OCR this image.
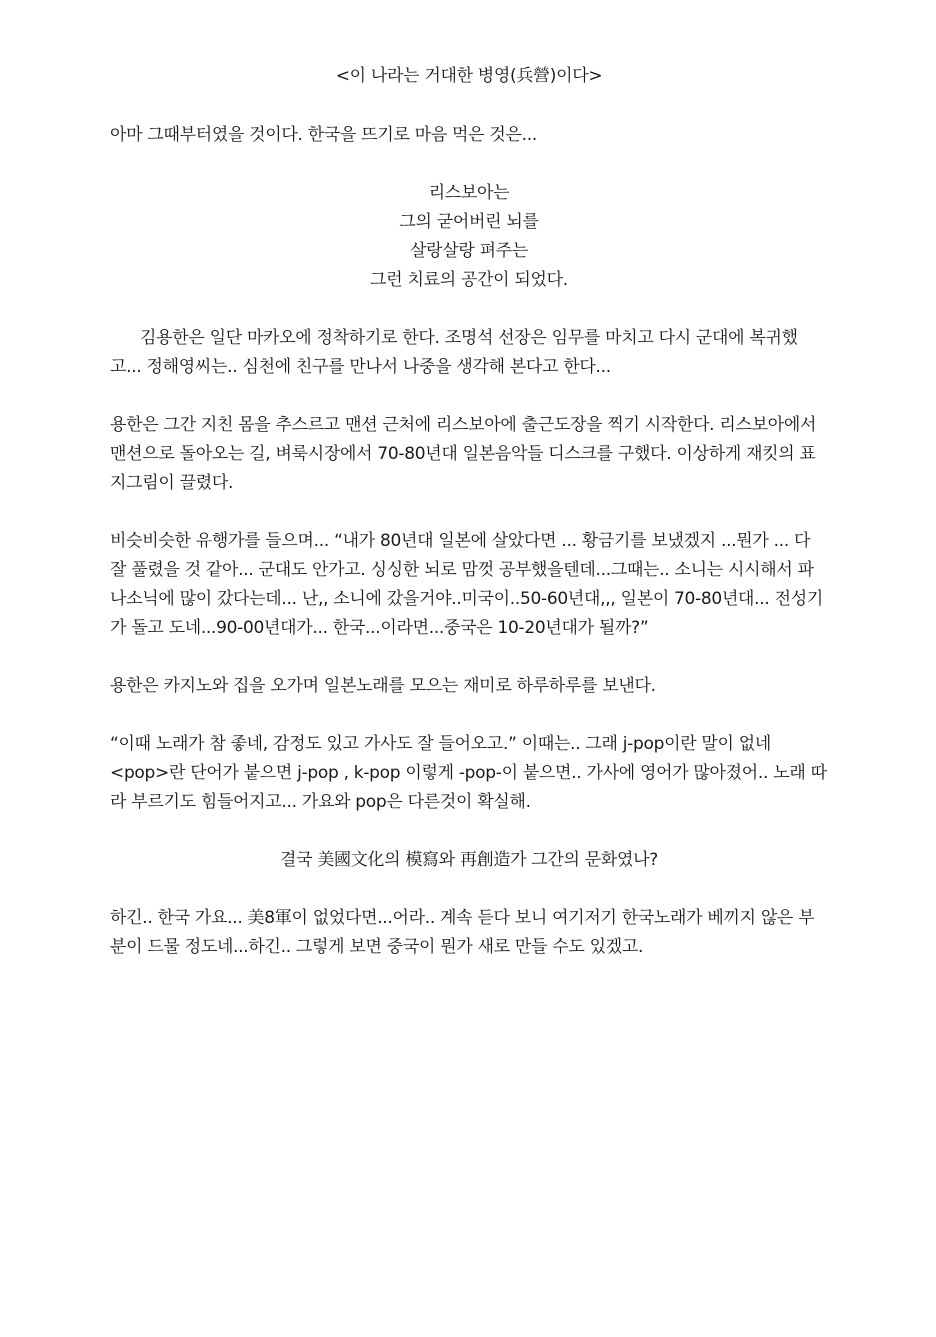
<이 나라는 거대한 병영(兵營)이다>
아마 그때부터였을 것이다. 한국을 뜨기로 마음 먹은 것은...
리스보아는
그의 굳어버린 뇌를
살랑살랑 펴주는
그런 치료의 공간이 되었다.
김용한은 일단 마카오에 정착하기로 한다. 조명석 선장은 임무를 마치고 다시 군대에 복귀했고... 정해영씨는.. 심천에 친구를 만나서 나중을 생각해 본다고 한다...
용한은 그간 지친 몸을 추스르고 맨션 근처에 리스보아에 출근도장을 찍기 시작한다. 리스보아에서 맨션으로 돌아오는 길, 벼룩시장에서 70-80년대 일본음악들 디스크를 구했다. 이상하게 재킷의 표지그림이 끌렸다.
비슷비슷한 유행가를 들으며... “내가 80년대 일본에 살았다면 ... 황금기를 보냈겠지 ...뭔가 ... 다 잘 풀렸을 것 같아... 군대도 안가고. 싱싱한 뇌로 맘껏 공부했을텐데...그때는.. 소니는 시시해서 파나소닉에 많이 갔다는데... 난,, 소니에 갔을거야..미국이..50-60년대,,, 일본이 70-80년대... 전성기가 돌고 도네...90-00년대가... 한국...이라면...중국은 10-20년대가 될까?”
용한은 카지노와 집을 오가며 일본노래를 모으는 재미로 하루하루를 보낸다.
“이때 노래가 참 좋네, 감정도 있고 가사도 잘 들어오고.” 이때는.. 그래 j-pop이란 말이 없네 <pop>란 단어가 붙으면 j-pop , k-pop 이렇게 -pop-이 붙으면.. 가사에 영어가 많아졌어.. 노래 따라 부르기도 힘들어지고... 가요와 pop은 다른것이 확실해.
결국 美國文化의 模寫와 再創造가 그간의 문화였나?
하긴.. 한국 가요... 美8軍이 없었다면...어라.. 계속 듣다 보니 여기저기 한국노래가 베끼지 않은 부분이 드물 정도네...하긴.. 그렇게 보면 중국이 뭔가 새로 만들 수도 있겠고.
